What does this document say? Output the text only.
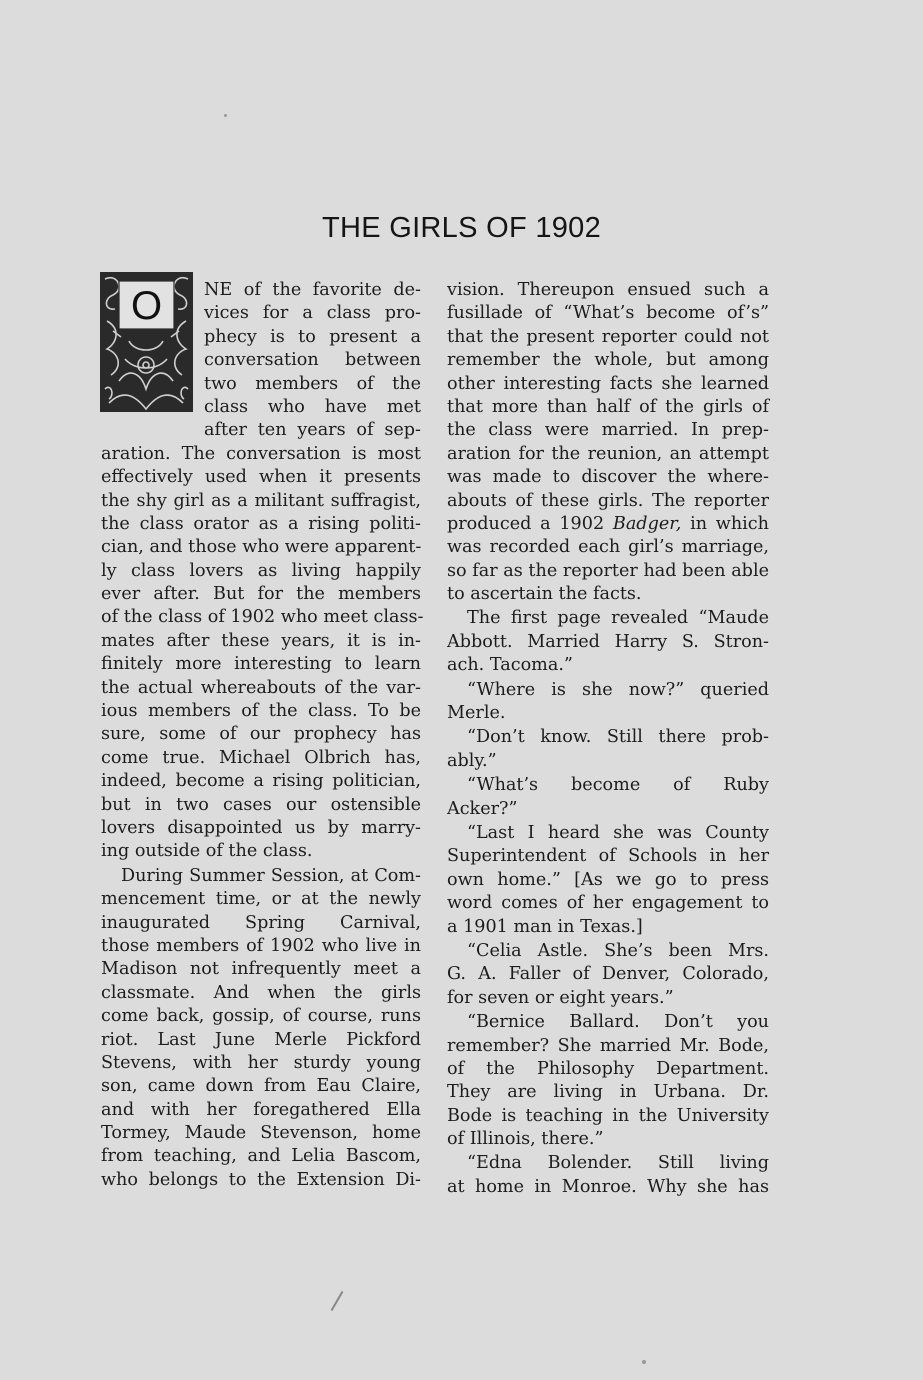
THE GIRLS OF 1902
O NE of the favorite de-
vices for a class pro-
phecy is to present a
conversation between
two members of the
class who have met
after ten years of sep-
aration. The conversation is most
effectively used when it presents
the shy girl as a militant suffragist,
the class orator as a rising politi-
cian, and those who were apparent-
ly class lovers as living happily
ever after. But for the members
of the class of 1902 who meet class-
mates after these years, it is in-
finitely more interesting to learn
the actual whereabouts of the var-
ious members of the class. To be
sure, some of our prophecy has
come true. Michael Olbrich has,
indeed, become a rising politician,
but in two cases our ostensible
lovers disappointed us by marry-
ing outside of the class.
During Summer Session, at Com-
mencement time, or at the newly
inaugurated Spring Carnival,
those members of 1902 who live in
Madison not infrequently meet a
classmate. And when the girls
come back, gossip, of course, runs
riot. Last June Merle Pickford
Stevens, with her sturdy young
son, came down from Eau Claire,
and with her foregathered Ella
Tormey, Maude Stevenson, home
from teaching, and Lelia Bascom,
who belongs to the Extension Di-
vision. Thereupon ensued such a
fusillade of “What’s become of’s”
that the present reporter could not
remember the whole, but among
other interesting facts she learned
that more than half of the girls of
the class were married. In prep-
aration for the reunion, an attempt
was made to discover the where-
abouts of these girls. The reporter
produced a 1902 Badger, in which
was recorded each girl’s marriage,
so far as the reporter had been able
to ascertain the facts.
The first page revealed “Maude
Abbott. Married Harry S. Stron-
ach. Tacoma.”
“Where is she now?” queried
Merle.
“Don’t know. Still there prob-
ably.”
“What’s become of Ruby
Acker?”
“Last I heard she was County
Superintendent of Schools in her
own home.” [As we go to press
word comes of her engagement to
a 1901 man in Texas.]
“Celia Astle. She’s been Mrs.
G. A. Faller of Denver, Colorado,
for seven or eight years.”
“Bernice Ballard. Don’t you
remember? She married Mr. Bode,
of the Philosophy Department.
They are living in Urbana. Dr.
Bode is teaching in the University
of Illinois, there.”
“Edna Bolender. Still living
at home in Monroe. Why she has
